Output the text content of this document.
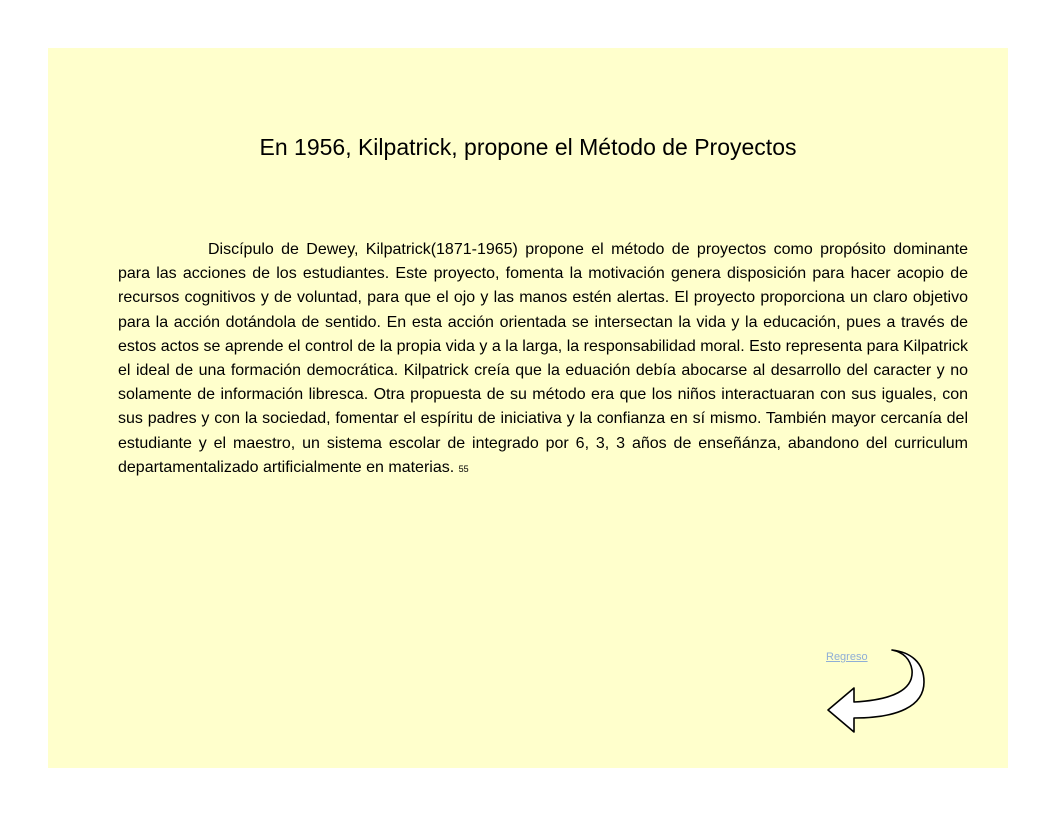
En 1956, Kilpatrick, propone el Método de Proyectos

Discípulo de Dewey, Kilpatrick(1871-1965) propone el método de proyectos como propósito dominante para las acciones de los estudiantes. Este proyecto, fomenta la motivación genera disposición para hacer acopio de recursos cognitivos y de voluntad, para que el ojo y las manos estén alertas. El proyecto proporciona un claro objetivo para la acción dotándola de sentido. En esta acción orientada se intersectan la vida y la educación, pues a través de estos actos se aprende el control de la propia vida y a la larga, la responsabilidad moral. Esto representa para Kilpatrick el ideal de una formación democrática. Kilpatrick creía que la eduación debía abocarse al desarrollo del caracter y no solamente de información libresca. Otra propuesta de su método era que los niños interactuaran con sus iguales, con sus padres y con la sociedad, fomentar el espíritu de iniciativa y la confianza en sí mismo. También mayor cercanía del estudiante y el maestro, un sistema escolar de integrado por 6, 3, 3 años de enseñánza, abandono del curriculum departamentalizado artificialmente en materias. 55

Regreso
